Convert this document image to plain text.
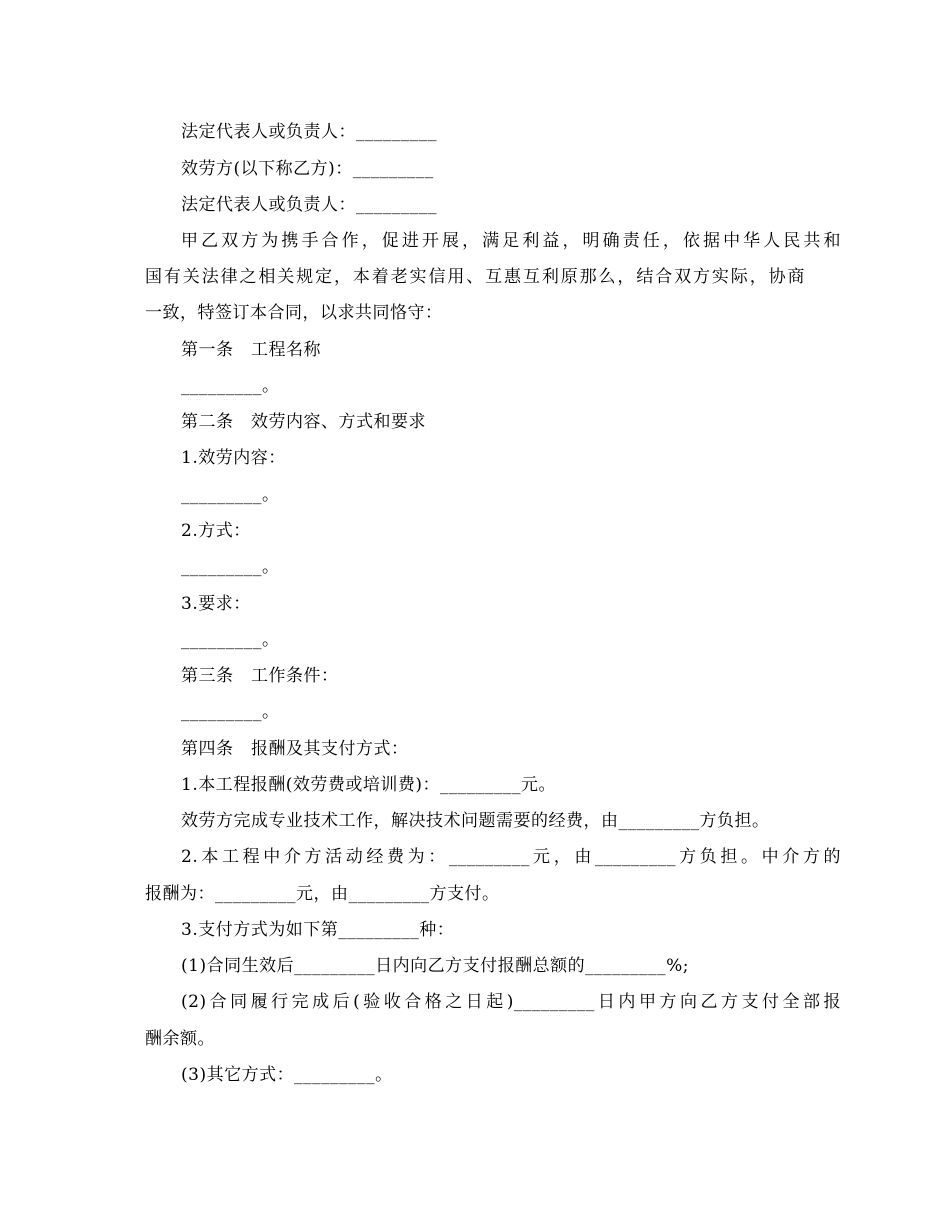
法定代表人或负责人：_________
效劳方(以下称乙方)：_________
法定代表人或负责人：_________
甲乙双方为携手合作，促进开展，满足利益，明确责任，依据中华人民共和
国有关法律之相关规定，本着老实信用、互惠互利原那么，结合双方实际，协商
一致，特签订本合同，以求共同恪守：
第一条　工程名称
_________。
第二条　效劳内容、方式和要求
1.效劳内容：
_________。
2.方式：
_________。
3.要求：
_________。
第三条　工作条件：
_________。
第四条　报酬及其支付方式：
1.本工程报酬(效劳费或培训费)：_________元。
效劳方完成专业技术工作，解决技术问题需要的经费，由_________方负担。
2.本工程中介方活动经费为：_________元，由_________方负担。中介方的
报酬为：_________元，由_________方支付。
3.支付方式为如下第_________种：
(1)合同生效后_________日内向乙方支付报酬总额的_________%;
(2)合同履行完成后(验收合格之日起)_________日内甲方向乙方支付全部报
酬余额。
(3)其它方式：_________。
